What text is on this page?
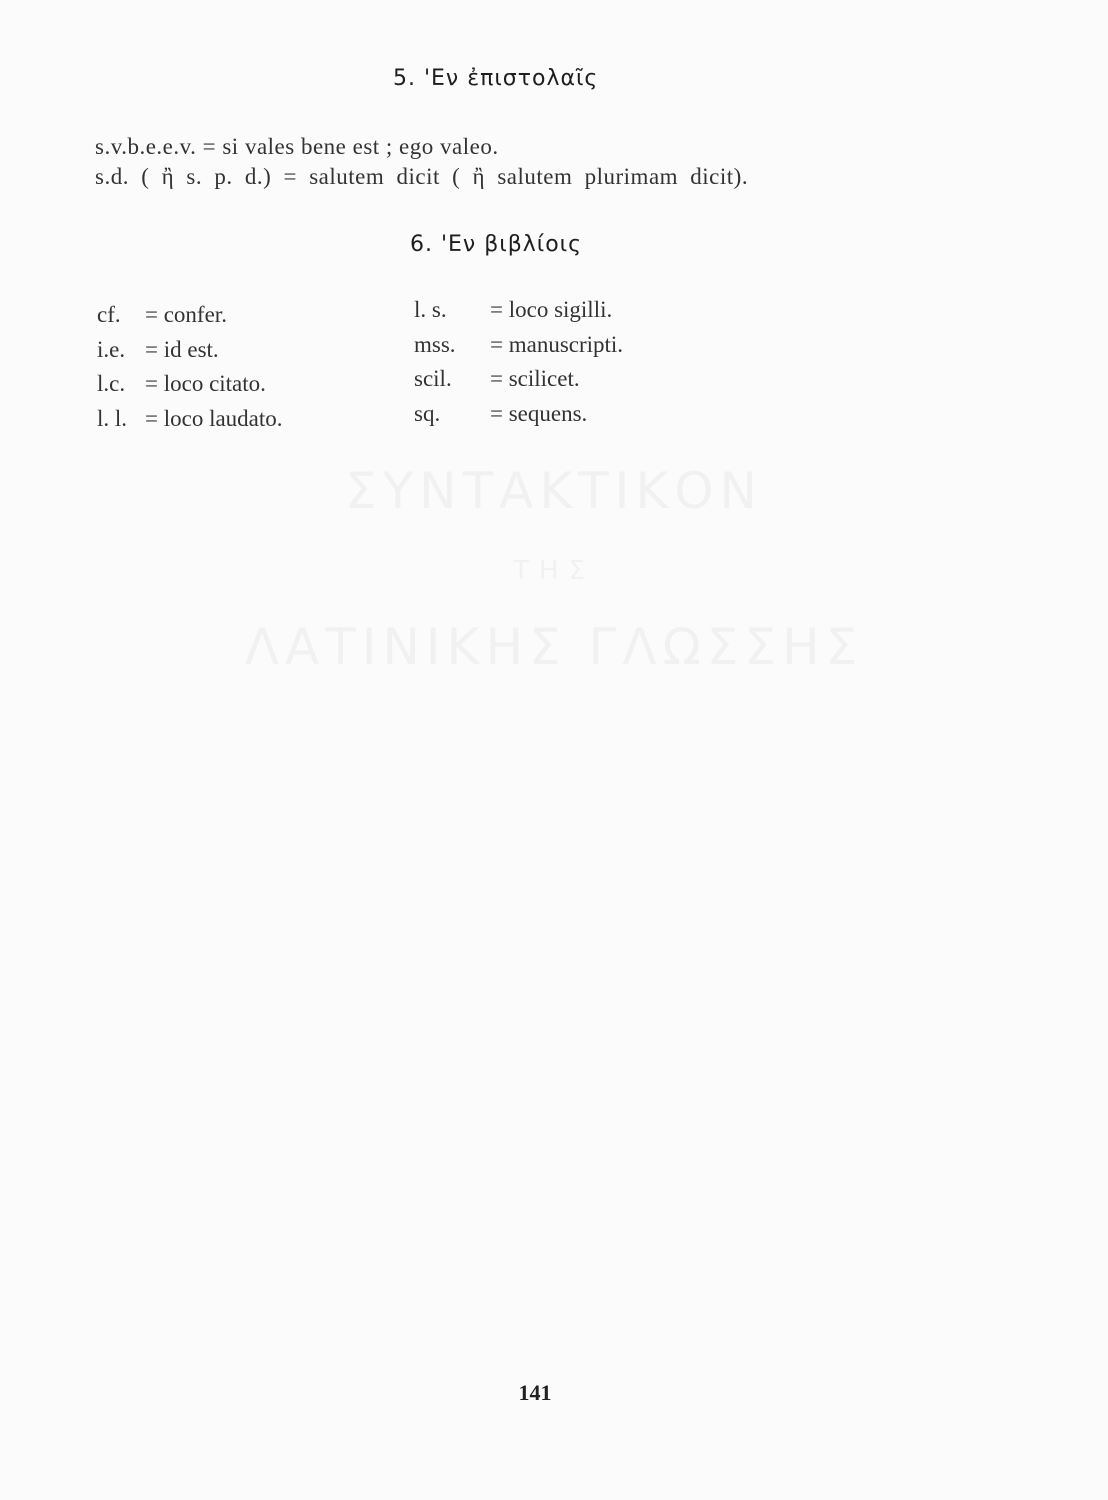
ΣΥΝΤΑΚΤΙΚΟΝ
ΤΗΣ
ΛΑΤΙΝΙΚΗΣ ΓΛΩΣΣΗΣ
5. 'Εν ἐπιστολαῖς
s.v.b.e.e.v. = si vales bene est ; ego valeo.
s.d. ( ἢ s. p. d.) = salutem dicit ( ἢ salutem plurimam dicit).
6. 'Εν βιβλίοις
cf. = confer.
i.e. = id est.
l.c. = loco citato.
l. l. = loco laudato.
l. s. = loco sigilli.
mss. = manuscripti.
scil. = scilicet.
sq. = sequens.
141
